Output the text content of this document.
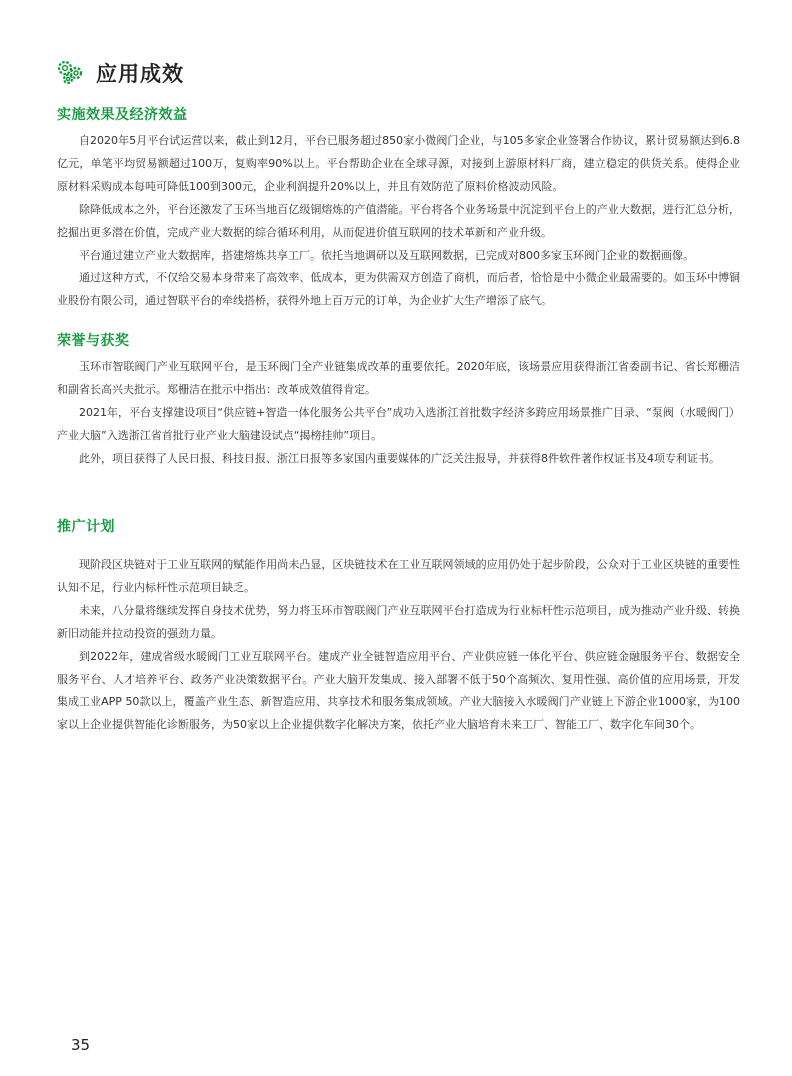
应用成效
实施效果及经济效益

自2020年5月平台试运营以来，截止到12月，平台已服务超过850家小微阀门企业，与105多家企业签署合作协议，累计贸易额达到6.8亿元，单笔平均贸易额超过100万，复购率90%以上。平台帮助企业在全球寻源，对接到上游原材料厂商，建立稳定的供货关系。使得企业原材料采购成本每吨可降低100到300元，企业利润提升20%以上，并且有效防范了原料价格波动风险。

除降低成本之外，平台还激发了玉环当地百亿级铜熔炼的产值潜能。平台将各个业务场景中沉淀到平台上的产业大数据，进行汇总分析，挖掘出更多潜在价值，完成产业大数据的综合循环利用，从而促进价值互联网的技术革新和产业升级。

平台通过建立产业大数据库，搭建熔炼共享工厂。依托当地调研以及互联网数据，已完成对800多家玉环阀门企业的数据画像。

通过这种方式，不仅给交易本身带来了高效率、低成本，更为供需双方创造了商机，而后者，恰恰是中小微企业最需要的。如玉环中博铜业股份有限公司，通过智联平台的牵线搭桥，获得外地上百万元的订单，为企业扩大生产增添了底气。

荣誉与获奖

玉环市智联阀门产业互联网平台，是玉环阀门全产业链集成改革的重要依托。2020年底，该场景应用获得浙江省委副书记、省长郑栅洁和副省长高兴夫批示。郑栅洁在批示中指出：改革成效值得肯定。

2021年，平台支撑建设项目“供应链+智造一体化服务公共平台”成功入选浙江首批数字经济多跨应用场景推广目录、“泵阀（水暖阀门）产业大脑”入选浙江省首批行业产业大脑建设试点“揭榜挂帅”项目。

此外，项目获得了人民日报、科技日报、浙江日报等多家国内重要媒体的广泛关注报导，并获得8件软件著作权证书及4项专利证书。

推广计划

现阶段区块链对于工业互联网的赋能作用尚未凸显，区块链技术在工业互联网领域的应用仍处于起步阶段，公众对于工业区块链的重要性认知不足，行业内标杆性示范项目缺乏。

未来，八分量将继续发挥自身技术优势，努力将玉环市智联阀门产业互联网平台打造成为行业标杆性示范项目，成为推动产业升级、转换新旧动能并拉动投资的强劲力量。

到2022年，建成省级水暖阀门工业互联网平台。建成产业全链智造应用平台、产业供应链一体化平台、供应链金融服务平台、数据安全服务平台、人才培养平台、政务产业决策数据平台。产业大脑开发集成、接入部署不低于50个高频次、复用性强、高价值的应用场景，开发集成工业APP 50款以上，覆盖产业生态、新智造应用、共享技术和服务集成领域。产业大脑接入水暖阀门产业链上下游企业1000家，为100家以上企业提供智能化诊断服务，为50家以上企业提供数字化解决方案，依托产业大脑培育未来工厂、智能工厂、数字化车间30个。

35
